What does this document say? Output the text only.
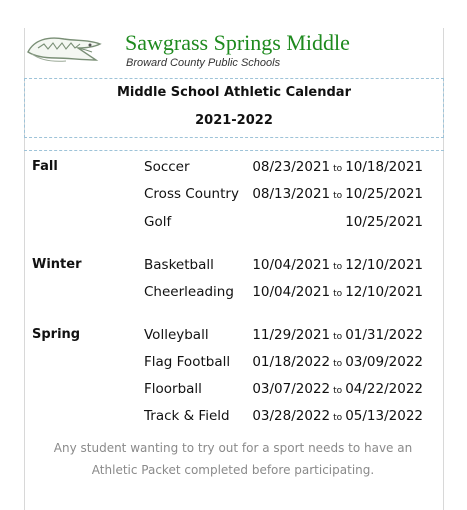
Sawgrass Springs Middle
Broward County Public Schools
Middle School Athletic Calendar
2021-2022
Fall	Soccer	08/23/2021 to 10/18/2021
Cross Country 08/13/2021 to 10/25/2021
Golf	10/25/2021
Winter	Basketball	10/04/2021 to 12/10/2021
Cheerleading 10/04/2021 to 12/10/2021
Spring	Volleyball	11/29/2021 to 01/31/2022
Flag Football 01/18/2022 to 03/09/2022
Floorball	03/07/2022 to 04/22/2022
Track & Field 03/28/2022 to 05/13/2022
Any student wanting to try out for a sport needs to have an Athletic Packet completed before participating.
